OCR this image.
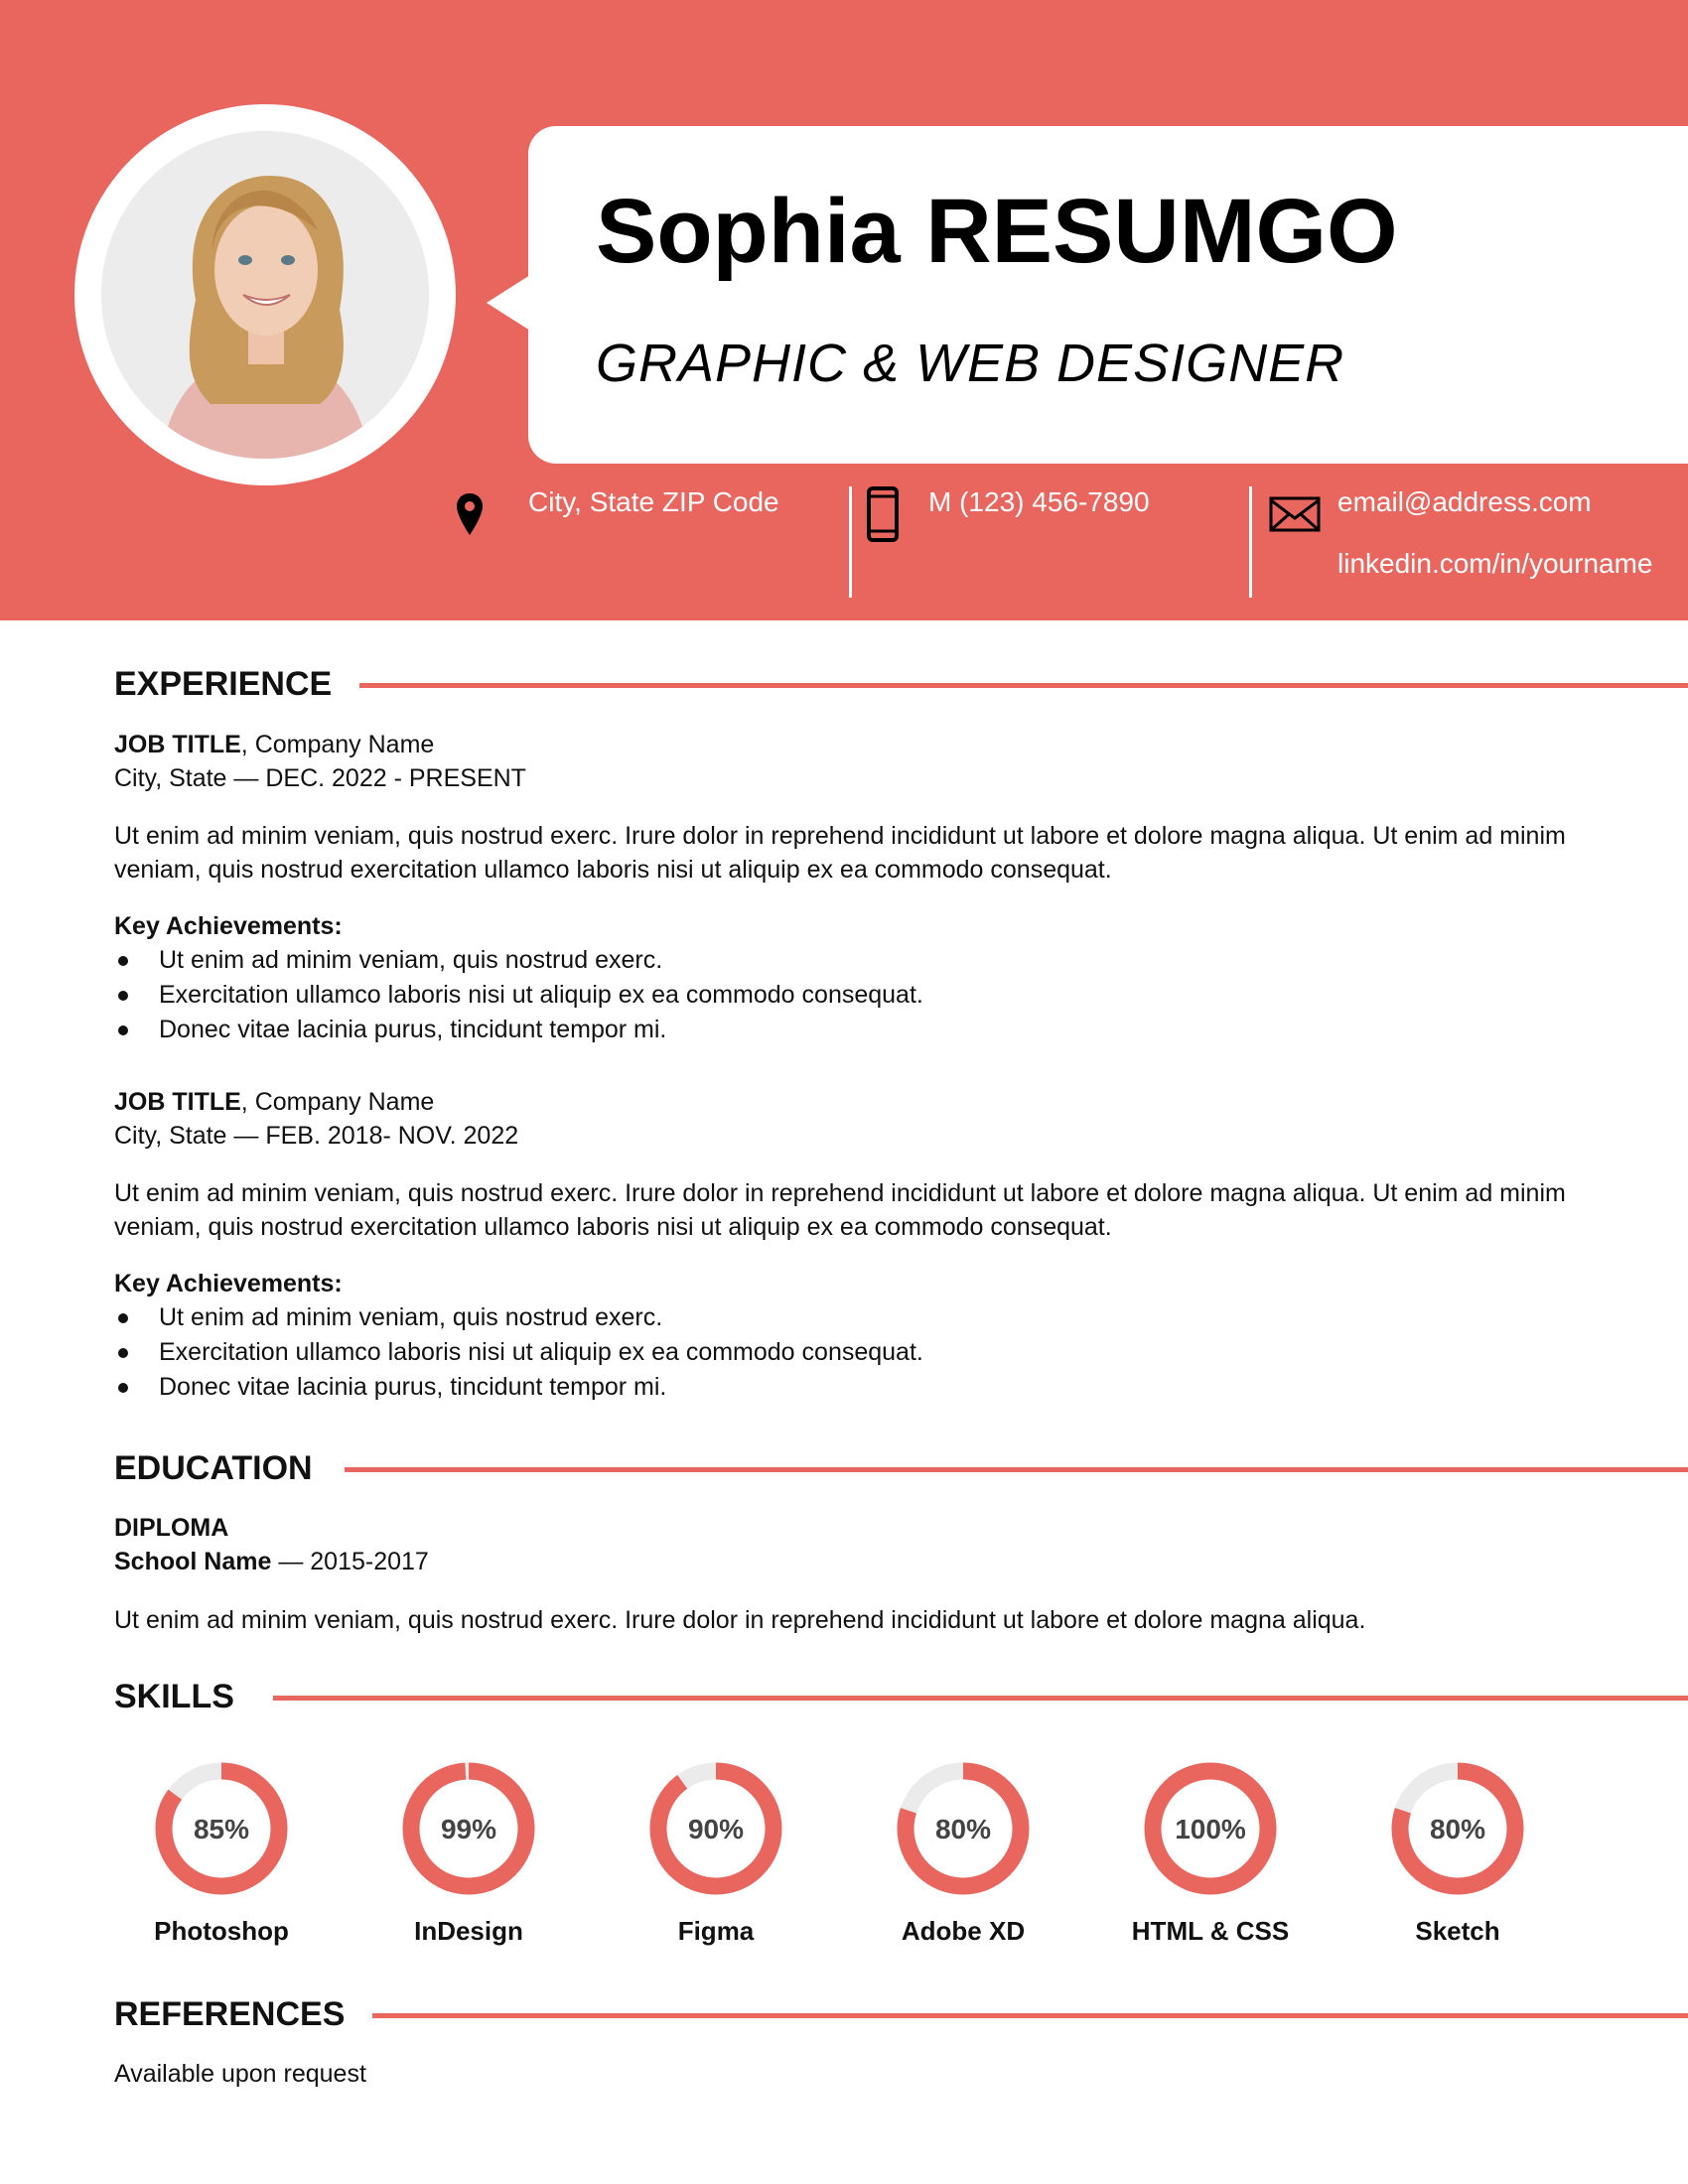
Sophia RESUMGO
GRAPHIC & WEB DESIGNER
City, State ZIP Code	M (123) 456-7890	email@address.com
linkedin.com/in/yourname
EXPERIENCE
JOB TITLE, Company Name
City, State — DEC. 2022 - PRESENT
Ut enim ad minim veniam, quis nostrud exerc. Irure dolor in reprehend incididunt ut labore et dolore magna aliqua. Ut enim ad minim veniam, quis nostrud exercitation ullamco laboris nisi ut aliquip ex ea commodo consequat.
Key Achievements:
Ut enim ad minim veniam, quis nostrud exerc.
Exercitation ullamco laboris nisi ut aliquip ex ea commodo consequat.
Donec vitae lacinia purus, tincidunt tempor mi.
JOB TITLE, Company Name
City, State — FEB. 2018- NOV. 2022
Ut enim ad minim veniam, quis nostrud exerc. Irure dolor in reprehend incididunt ut labore et dolore magna aliqua. Ut enim ad minim veniam, quis nostrud exercitation ullamco laboris nisi ut aliquip ex ea commodo consequat.
Key Achievements:
Ut enim ad minim veniam, quis nostrud exerc.
Exercitation ullamco laboris nisi ut aliquip ex ea commodo consequat.
Donec vitae lacinia purus, tincidunt tempor mi.
EDUCATION
DIPLOMA
School Name — 2015-2017
Ut enim ad minim veniam, quis nostrud exerc. Irure dolor in reprehend incididunt ut labore et dolore magna aliqua.
SKILLS
85%
Photoshop
99%
InDesign
90%
Figma
80%
Adobe XD
100%
HTML & CSS
80%
Sketch
REFERENCES
Available upon request
